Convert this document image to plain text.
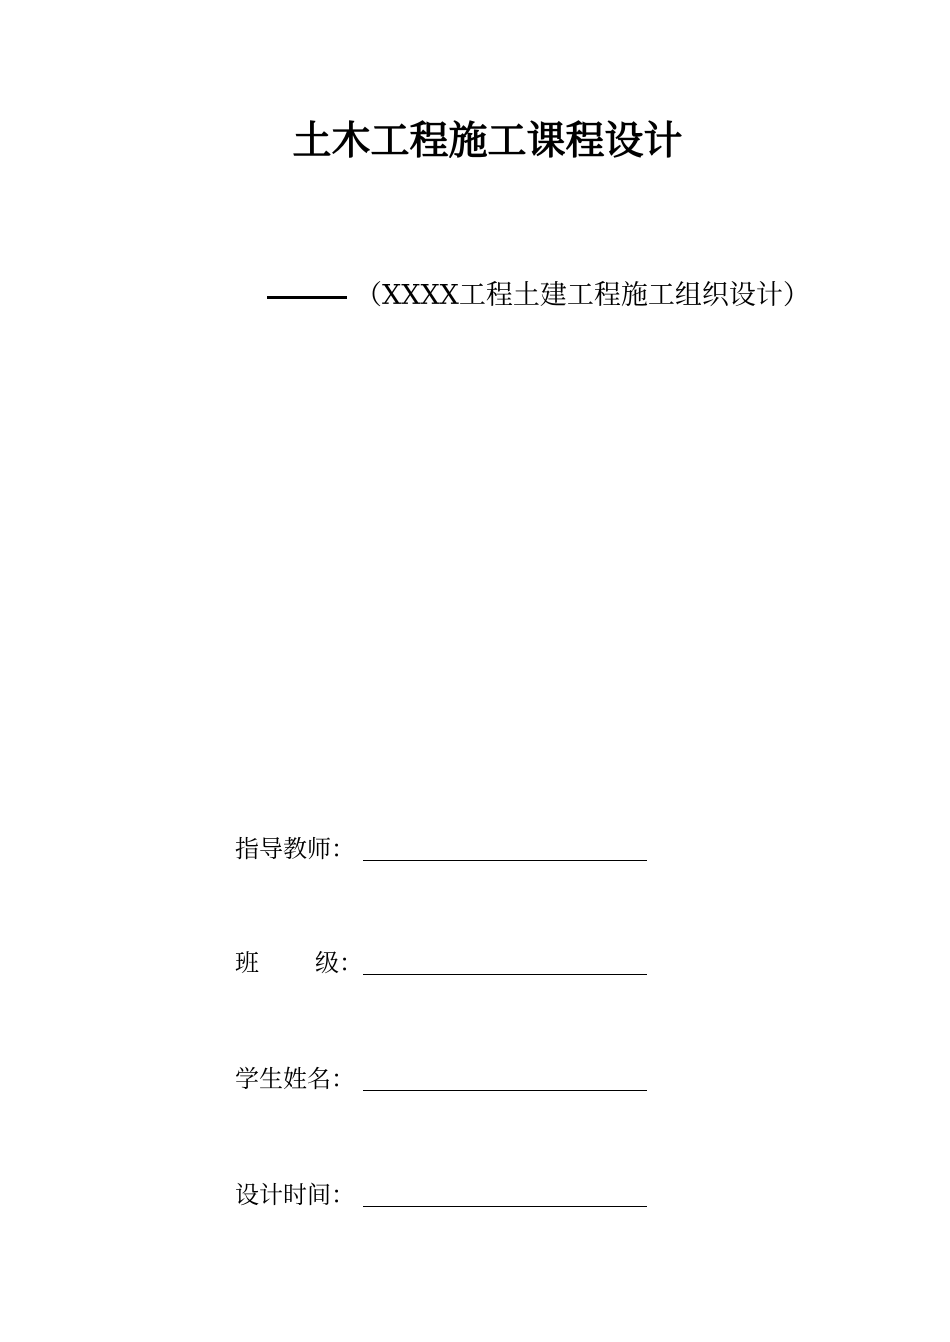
土木工程施工课程设计
（XXXX工程土建工程施工组织设计）
指导教师：
班 级：
学生姓名：
设计时间：
